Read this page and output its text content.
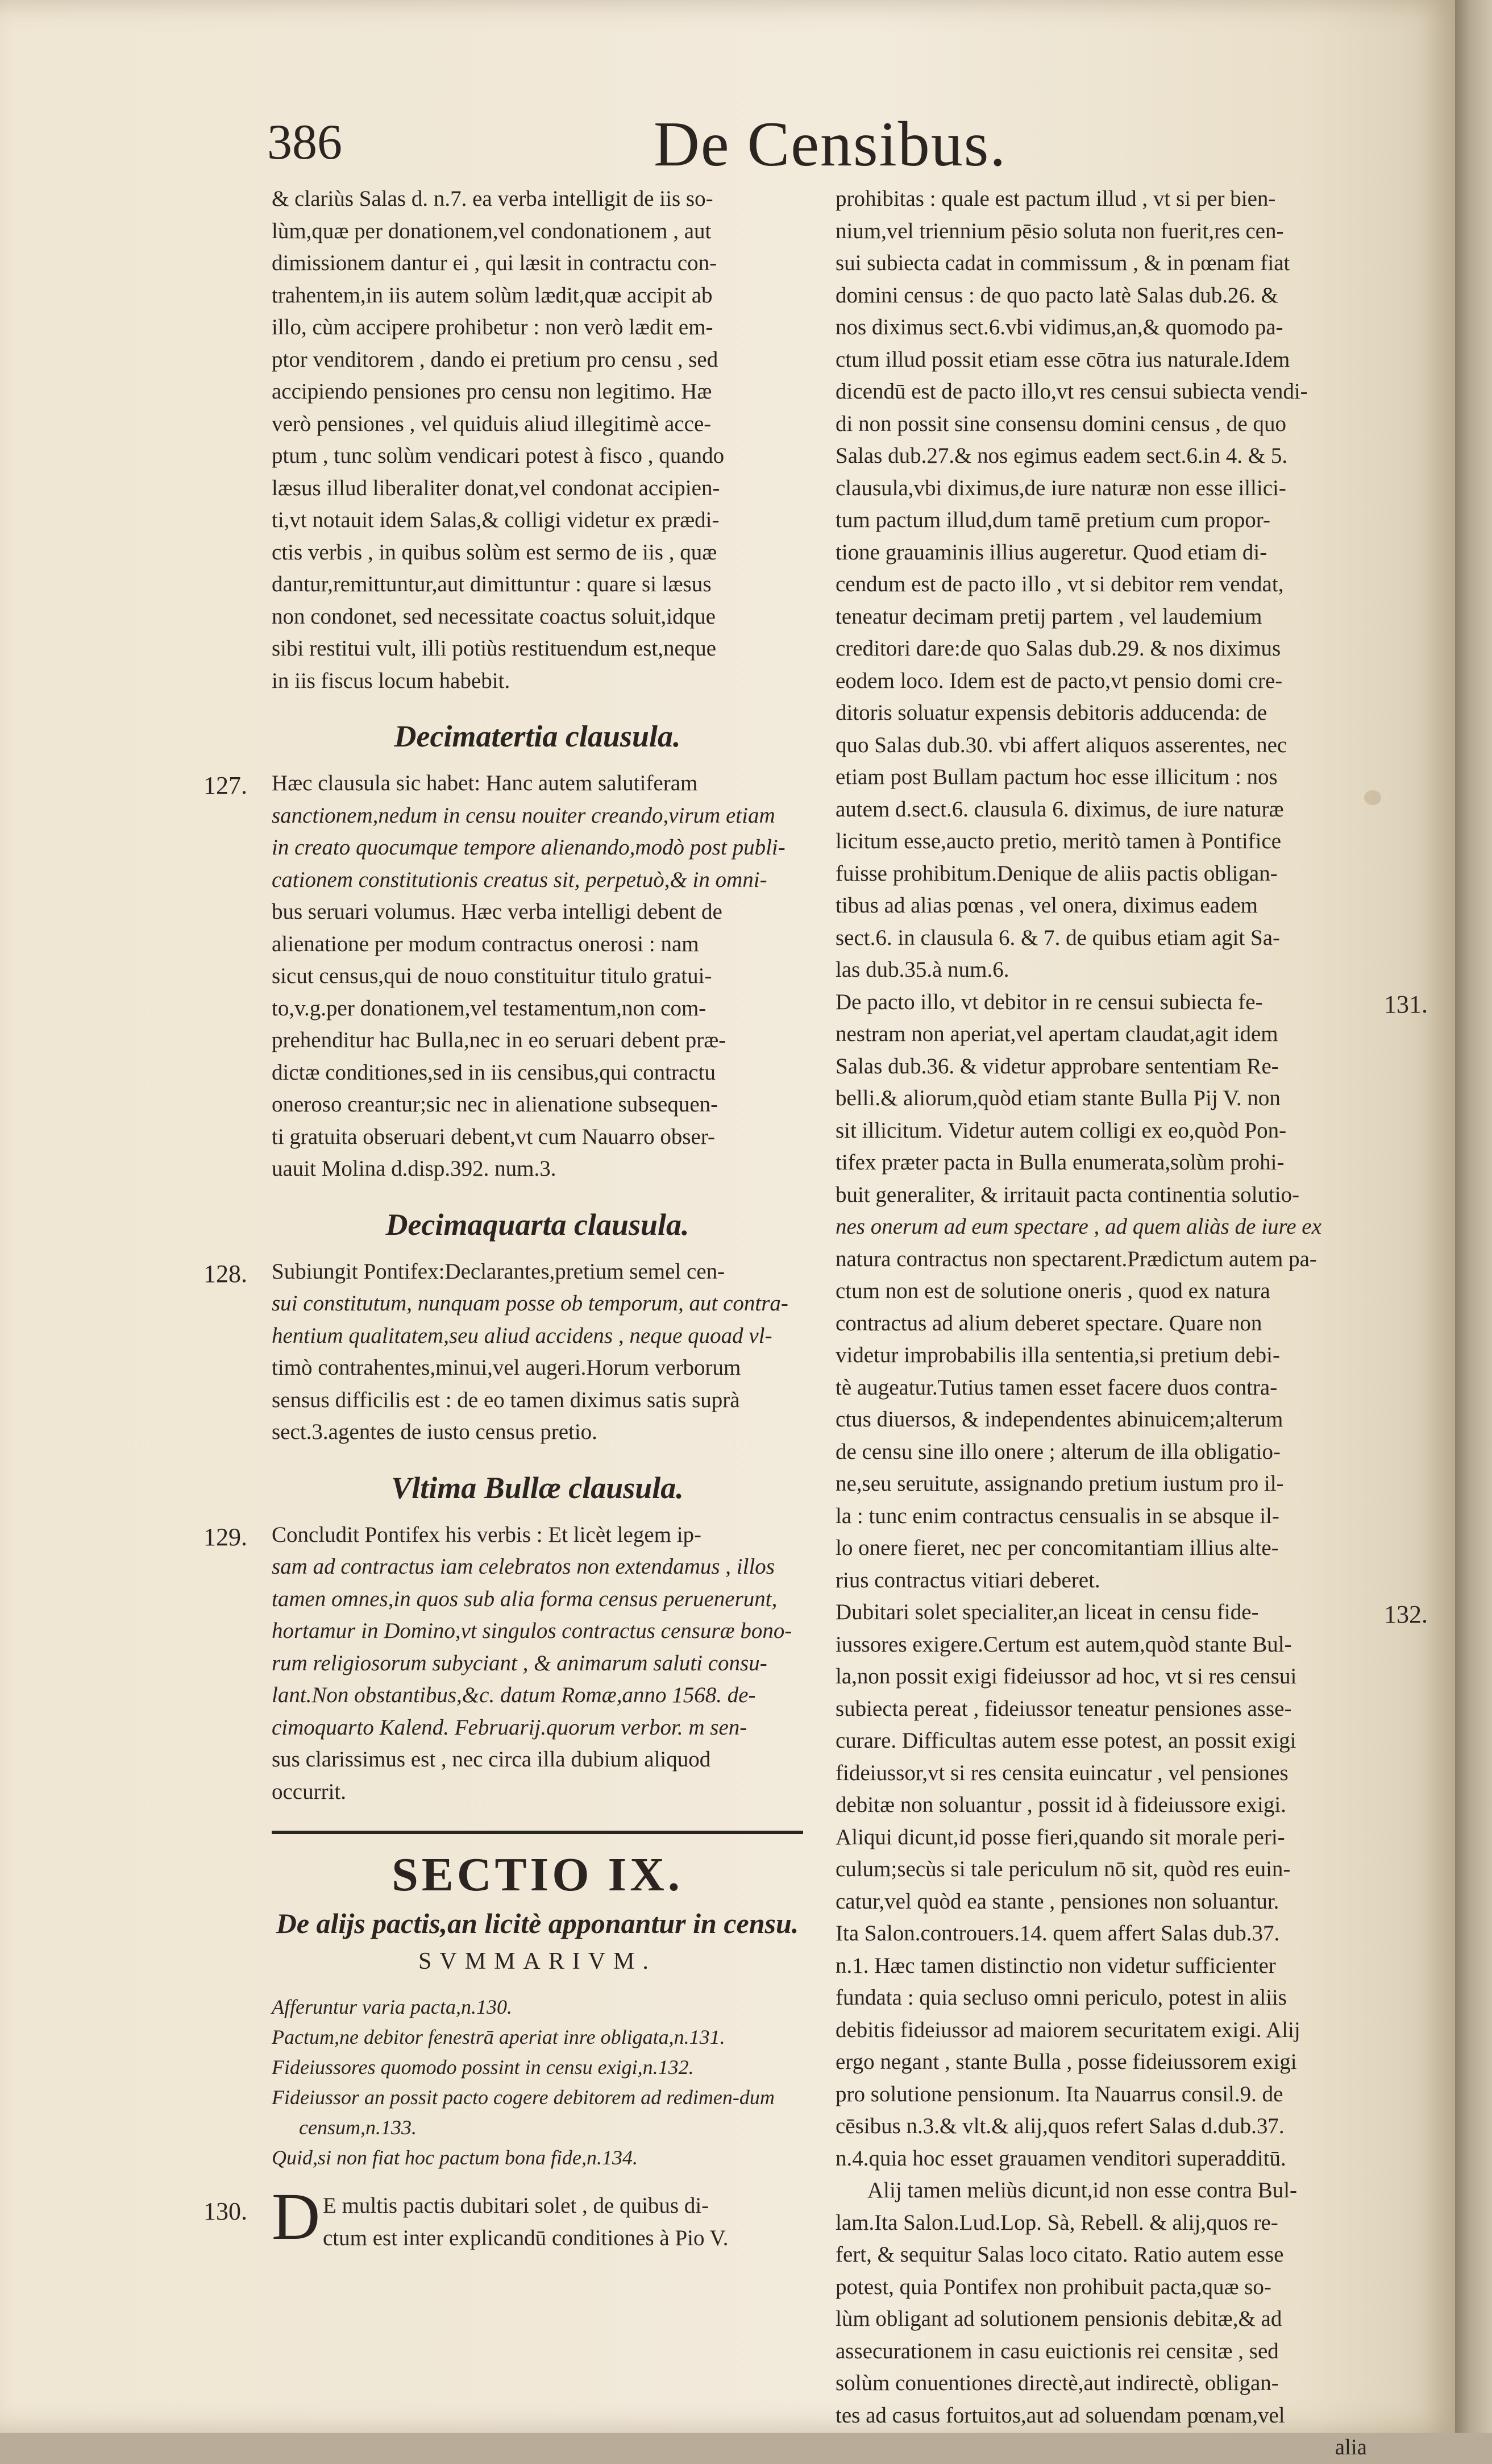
386	De Censibus.

& clariùs Salas d. n.7. ea verba intelligit de iis so-
lùm,quæ per donationem,vel condonationem , aut
dimissionem dantur ei , qui læsit in contractu con-
trahentem,in iis autem solùm lædit,quæ accipit ab
illo, cùm accipere prohibetur : non verò lædit em-
ptor venditorem , dando ei pretium pro censu , sed
accipiendo pensiones pro censu non legitimo. Hæ
verò pensiones , vel quiduis aliud illegitimè acce-
ptum , tunc solùm vendicari potest à fisco , quando
læsus illud liberaliter donat,vel condonat accipien-
ti,vt notauit idem Salas,& colligi videtur ex prædi-
ctis verbis , in quibus solùm est sermo de iis , quæ
dantur,remittuntur,aut dimittuntur : quare si læsus
non condonet, sed necessitate coactus soluit,idque
sibi restitui vult, illi potiùs restituendum est,neque
in iis fiscus locum habebit.

Decimatertia clausula.

127. Hæc clausula sic habet: Hanc autem salutiferam
sanctionem,nedum in censu nouiter creando,virum etiam
in creato quocumque tempore alienando,modò post publi-
cationem constitutionis creatus sit, perpetuò,& in omni-
bus seruari volumus. Hæc verba intelligi debent de
alienatione per modum contractus onerosi : nam
sicut census,qui de nouo constituitur titulo gratui-
to,v.g.per donationem,vel testamentum,non com-
prehenditur hac Bulla,nec in eo seruari debent præ-
dictæ conditiones,sed in iis censibus,qui contractu
oneroso creantur;sic nec in alienatione subsequen-
ti gratuita obseruari debent,vt cum Nauarro obser-
uauit Molina d.disp.392. num.3.

Decimaquarta clausula.

128. Subiungit Pontifex:Declarantes,pretium semel cen-
sui constitutum, nunquam posse ob temporum, aut contra-
hentium qualitatem,seu aliud accidens , neque quoad vl-
timò contrahentes,minui,vel augeri.Horum verborum
sensus difficilis est : de eo tamen diximus satis suprà
sect.3.agentes de iusto census pretio.

Vltima Bullæ clausula.

129. Concludit Pontifex his verbis : Et licèt legem ip-
sam ad contractus iam celebratos non extendamus , illos
tamen omnes,in quos sub alia forma census peruenerunt,
hortamur in Domino,vt singulos contractus censuræ bono-
rum religiosorum subyciant , & animarum saluti consu-
lant.Non obstantibus,&c. datum Romæ,anno 1568. de-
cimoquarto Kalend. Februarij.quorum verbor. m sen-
sus clarissimus est , nec circa illa dubium aliquod
occurrit.

SECTIO IX.
De alijs pactis,an licitè apponantur in censu.
SVMMARIVM.
Afferuntur varia pacta,n.130.
Pactum,ne debitor fenestrā aperiat inre obligata,n.131.
Fideiussores quomodo possint in censu exigi,n.132.
Fideiussor an possit pacto cogere debitorem ad redimen-dum censum,n.133.
Quid,si non fiat hoc pactum bona fide,n.134.

130. D E multis pactis dubitari solet , de quibus di-
ctum est inter explicandū conditiones à Pio V.

prohibitas : quale est pactum illud , vt si per bien-
nium,vel triennium pēsio soluta non fuerit,res cen-
sui subiecta cadat in commissum , & in pœnam fiat
domini census : de quo pacto latè Salas dub.26. &
nos diximus sect.6.vbi vidimus,an,& quomodo pa-
ctum illud possit etiam esse cōtra ius naturale.Idem
dicendū est de pacto illo,vt res censui subiecta vendi-
di non possit sine consensu domini census , de quo
Salas dub.27.& nos egimus eadem sect.6.in 4. & 5.
clausula,vbi diximus,de iure naturæ non esse illici-
tum pactum illud,dum tamē pretium cum propor-
tione grauaminis illius augeretur. Quod etiam di-
cendum est de pacto illo , vt si debitor rem vendat,
teneatur decimam pretij partem , vel laudemium
creditori dare:de quo Salas dub.29. & nos diximus
eodem loco. Idem est de pacto,vt pensio domi cre-
ditoris soluatur expensis debitoris adducenda: de
quo Salas dub.30. vbi affert aliquos asserentes, nec
etiam post Bullam pactum hoc esse illicitum : nos
autem d.sect.6. clausula 6. diximus, de iure naturæ
licitum esse,aucto pretio, meritò tamen à Pontifice
fuisse prohibitum.Denique de aliis pactis obligan-
tibus ad alias pœnas , vel onera, diximus eadem
sect.6. in clausula 6. & 7. de quibus etiam agit Sa-
las dub.35.à num.6.

131.
De pacto illo, vt debitor in re censui subiecta fe-
nestram non aperiat,vel apertam claudat,agit idem
Salas dub.36. & videtur approbare sententiam Re-
belli.& aliorum,quòd etiam stante Bulla Pij V. non
sit illicitum. Videtur autem colligi ex eo,quòd Pon-
tifex præter pacta in Bulla enumerata,solùm prohi-
buit generaliter, & irritauit pacta continentia solutio-
nes onerum ad eum spectare , ad quem aliàs de iure ex
natura contractus non spectarent.Prædictum autem pa-
ctum non est de solutione oneris , quod ex natura
contractus ad alium deberet spectare. Quare non
videtur improbabilis illa sententia,si pretium debi-
tè augeatur.Tutius tamen esset facere duos contra-
ctus diuersos, & independentes abinuicem;alterum
de censu sine illo onere ; alterum de illa obligatio-
ne,seu seruitute, assignando pretium iustum pro il-
la : tunc enim contractus censualis in se absque il-
lo onere fieret, nec per concomitantiam illius alte-
rius contractus vitiari deberet.

132.
Dubitari solet specialiter,an liceat in censu fide-
iussores exigere.Certum est autem,quòd stante Bul-
la,non possit exigi fideiussor ad hoc, vt si res censui
subiecta pereat , fideiussor teneatur pensiones asse-
curare. Difficultas autem esse potest, an possit exigi
fideiussor,vt si res censita euincatur , vel pensiones
debitæ non soluantur , possit id à fideiussore exigi.
Aliqui dicunt,id posse fieri,quando sit morale peri-
culum;secùs si tale periculum nō sit, quòd res euin-
catur,vel quòd ea stante , pensiones non soluantur.
Ita Salon.controuers.14. quem affert Salas dub.37.
n.1. Hæc tamen distinctio non videtur sufficienter
fundata : quia secluso omni periculo, potest in aliis
debitis fideiussor ad maiorem securitatem exigi. Alij
ergo negant , stante Bulla , posse fideiussorem exigi
pro solutione pensionum. Ita Nauarrus consil.9. de
cēsibus n.3.& vlt.& alij,quos refert Salas d.dub.37.
n.4.quia hoc esset grauamen venditori superadditū.

Alij tamen meliùs dicunt,id non esse contra Bul-
lam.Ita Salon.Lud.Lop. Sà, Rebell. & alij,quos re-
fert, & sequitur Salas loco citato. Ratio autem esse
potest, quia Pontifex non prohibuit pacta,quæ so-
lùm obligant ad solutionem pensionis debitæ,& ad
assecurationem in casu euictionis rei censitæ , sed
solùm conuentiones directè,aut indirectè, obligan-
tes ad casus fortuitos,aut ad soluendam pœnam,vel

alia
